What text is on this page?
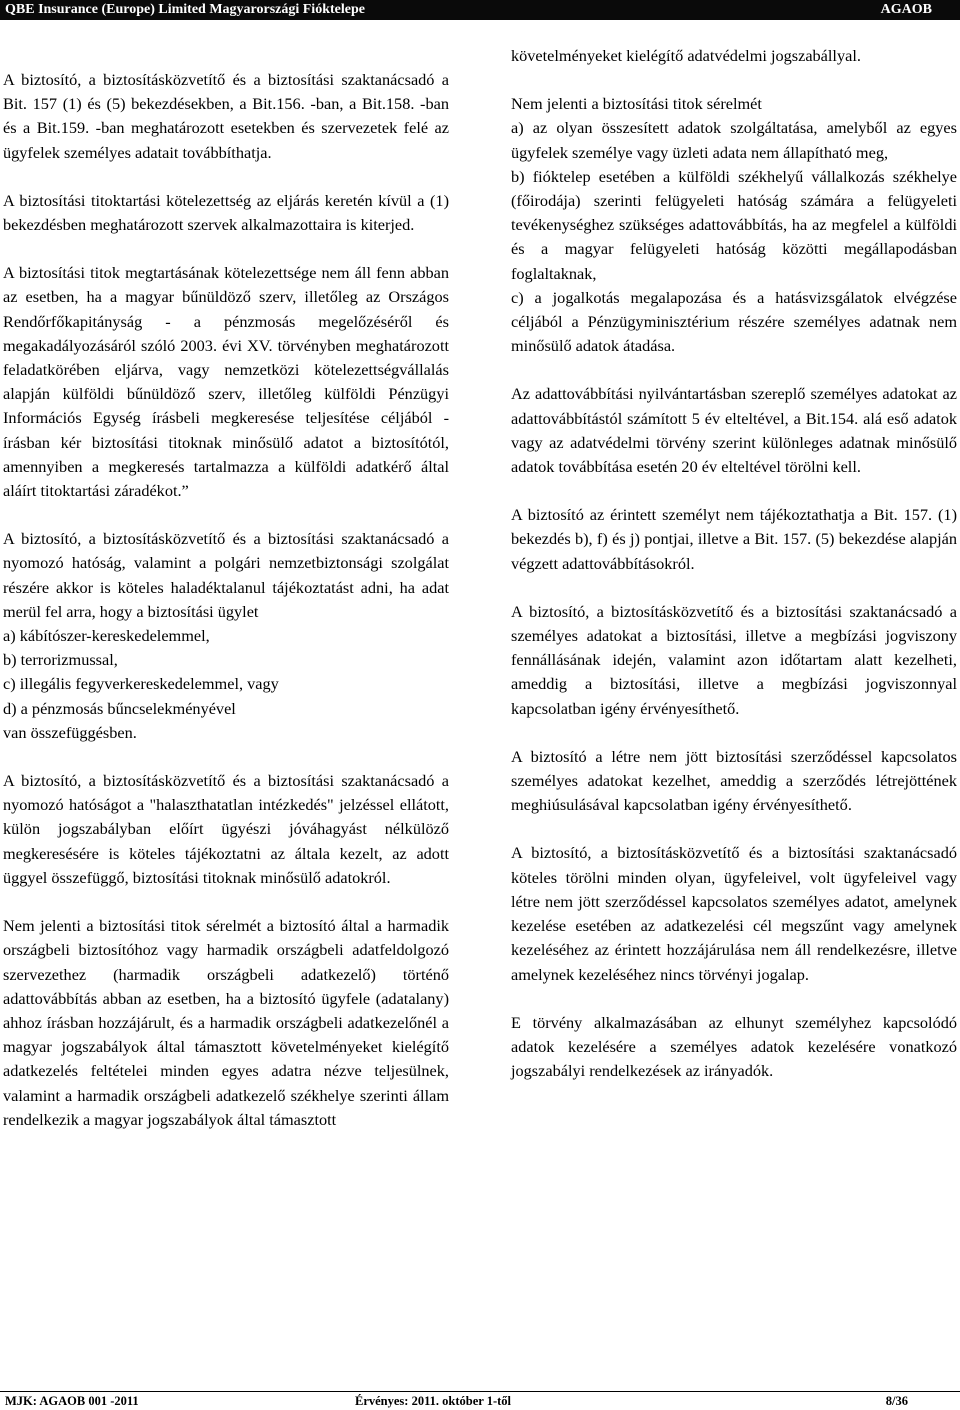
QBE Insurance (Europe) Limited Magyarországi Fióktelepe	AGAOB

A biztosító, a biztosításközvetítő és a biztosítási szaktanácsadó a Bit. 157 (1) és (5) bekezdésekben, a Bit.156. -ban, a Bit.158. -ban és a Bit.159. -ban meghatározott esetekben és szervezetek felé az ügyfelek személyes adatait továbbíthatja.

A biztosítási titoktartási kötelezettség az eljárás keretén kívül a (1) bekezdésben meghatározott szervek alkalmazottaira is kiterjed.

A biztosítási titok megtartásának kötelezettsége nem áll fenn abban az esetben, ha a magyar bűnüldöző szerv, illetőleg az Országos Rendőrfőkapitányság - a pénzmosás megelőzéséről és megakadályozásáról szóló 2003. évi XV. törvényben meghatározott feladatkörében eljárva, vagy nemzetközi kötelezettségvállalás alapján külföldi bűnüldöző szerv, illetőleg külföldi Pénzügyi Információs Egység írásbeli megkeresése teljesítése céljából - írásban kér biztosítási titoknak minősülő adatot a biztosítótól, amennyiben a megkeresés tartalmazza a külföldi adatkérő által aláírt titoktartási záradékot.”

A biztosító, a biztosításközvetítő és a biztosítási szaktanácsadó a nyomozó hatóság, valamint a polgári nemzetbiztonsági szolgálat részére akkor is köteles haladéktalanul tájékoztatást adni, ha adat merül fel arra, hogy a biztosítási ügylet
a) kábítószer-kereskedelemmel,
b) terrorizmussal,
c) illegális fegyverkereskedelemmel, vagy
d) a pénzmosás bűncselekményével
van összefüggésben.

A biztosító, a biztosításközvetítő és a biztosítási szaktanácsadó a nyomozó hatóságot a "halaszthatatlan intézkedés" jelzéssel ellátott, külön jogszabályban előírt ügyészi jóváhagyást nélkülöző megkeresésére is köteles tájékoztatni az általa kezelt, az adott üggyel összefüggő, biztosítási titoknak minősülő adatokról.

Nem jelenti a biztosítási titok sérelmét a biztosító által a harmadik országbeli biztosítóhoz vagy harmadik országbeli adatfeldolgozó szervezethez (harmadik országbeli adatkezelő) történő adattovábbítás abban az esetben, ha a biztosító ügyfele (adatalany) ahhoz írásban hozzájárult, és a harmadik országbeli adatkezelőnél a magyar jogszabályok által támasztott követelményeket kielégítő adatkezelés feltételei minden egyes adatra nézve teljesülnek, valamint a harmadik országbeli adatkezelő székhelye szerinti állam rendelkezik a magyar jogszabályok által támasztott

követelményeket kielégítő adatvédelmi jogszabállyal.

Nem jelenti a biztosítási titok sérelmét
a) az olyan összesített adatok szolgáltatása, amelyből az egyes ügyfelek személye vagy üzleti adata nem állapítható meg,
b) fióktelep esetében a külföldi székhelyű vállalkozás székhelye (főirodája) szerinti felügyeleti hatóság számára a felügyeleti tevékenységhez szükséges adattovábbítás, ha az megfelel a külföldi és a magyar felügyeleti hatóság közötti megállapodásban foglaltaknak,
c) a jogalkotás megalapozása és a hatásvizsgálatok elvégzése céljából a Pénzügyminisztérium részére személyes adatnak nem minősülő adatok átadása.

Az adattovábbítási nyilvántartásban szereplő személyes adatokat az adattovábbítástól számított 5 év elteltével, a Bit.154. alá eső adatok vagy az adatvédelmi törvény szerint különleges adatnak minősülő adatok továbbítása esetén 20 év elteltével törölni kell.

A biztosító az érintett személyt nem tájékoztathatja a Bit. 157. (1) bekezdés b), f) és j) pontjai, illetve a Bit. 157. (5) bekezdése alapján végzett adattovábbításokról.

A biztosító, a biztosításközvetítő és a biztosítási szaktanácsadó a személyes adatokat a biztosítási, illetve a megbízási jogviszony fennállásának idején, valamint azon időtartam alatt kezelheti, ameddig a biztosítási, illetve a megbízási jogviszonnyal kapcsolatban igény érvényesíthető.

A biztosító a létre nem jött biztosítási szerződéssel kapcsolatos személyes adatokat kezelhet, ameddig a szerződés létrejöttének meghiúsulásával kapcsolatban igény érvényesíthető.

A biztosító, a biztosításközvetítő és a biztosítási szaktanácsadó köteles törölni minden olyan, ügyfeleivel, volt ügyfeleivel vagy létre nem jött szerződéssel kapcsolatos személyes adatot, amelynek kezelése esetében az adatkezelési cél megszűnt vagy amelynek kezeléséhez az érintett hozzájárulása nem áll rendelkezésre, illetve amelynek kezeléséhez nincs törvényi jogalap.

E törvény alkalmazásában az elhunyt személyhez kapcsolódó adatok kezelésére a személyes adatok kezelésére vonatkozó jogszabályi rendelkezések az irányadók.

MJK: AGAOB 001 -2011	Érvényes: 2011. október 1-től	8/36
